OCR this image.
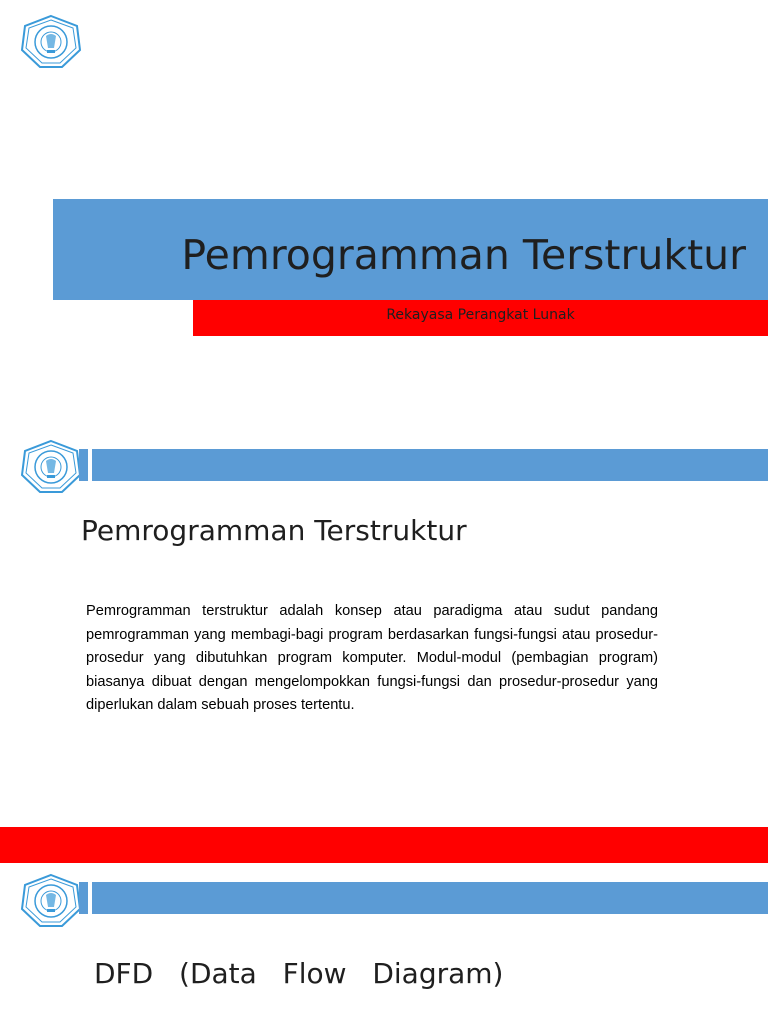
Pemrogramman Terstruktur
Rekayasa Perangkat Lunak
Pemrogramman Terstruktur
Pemrogramman terstruktur adalah konsep atau paradigma atau sudut pandang pemrogramman yang membagi-bagi program berdasarkan fungsi-fungsi atau prosedur-prosedur yang dibutuhkan program komputer. Modul-modul (pembagian program) biasanya dibuat dengan mengelompokkan fungsi-fungsi dan prosedur-prosedur yang diperlukan dalam sebuah proses tertentu.
DFD  (Data  Flow  Diagram)
